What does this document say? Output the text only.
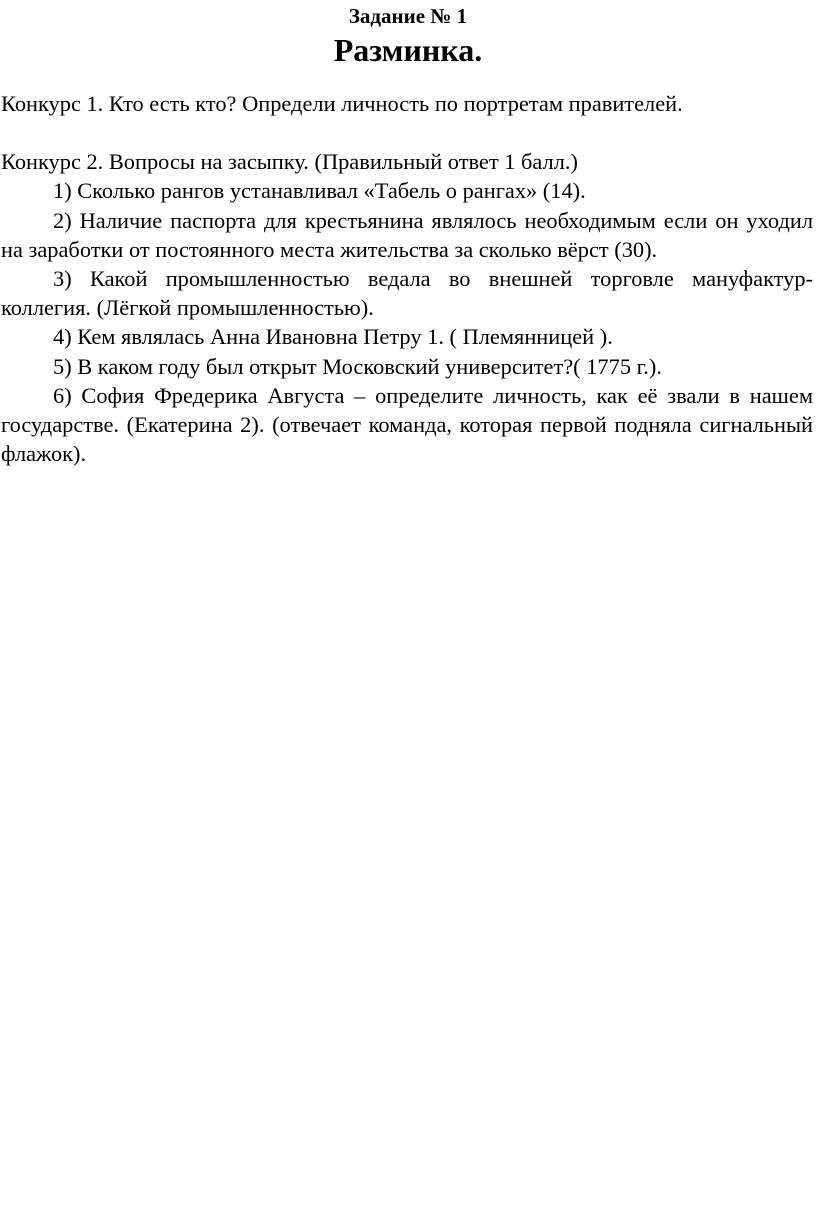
Задание № 1
Разминка.

Конкурс 1. Кто есть кто? Определи личность по портретам правителей.

Конкурс 2. Вопросы на засыпку. (Правильный ответ 1 балл.)

1) Сколько рангов устанавливал «Табель о рангах» (14).

2) Наличие паспорта для крестьянина являлось необходимым если он уходил на заработки от постоянного места жительства за сколько вёрст (30).

3) Какой промышленностью ведала во внешней торговле мануфактур-коллегия. (Лёгкой промышленностью).

4) Кем являлась Анна Ивановна Петру 1. ( Племянницей ).

5) В каком году был открыт Московский университет?( 1775 г.).

6) София Фредерика Августа – определите личность, как её звали в нашем государстве. (Екатерина 2). (отвечает команда, которая первой подняла сигнальный флажок).
